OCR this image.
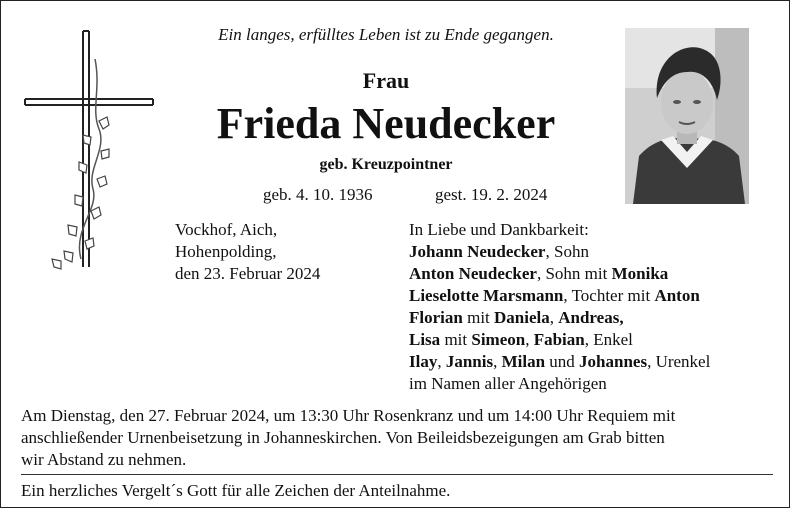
Ein langes, erfülltes Leben ist zu Ende gegangen.
Frau
Frieda Neudecker
geb. Kreuzpointner
geb. 4. 10. 1936	gest. 19. 2. 2024
Vockhof, Aich,
Hohenpolding,
den 23. Februar 2024
In Liebe und Dankbarkeit:
Johann Neudecker, Sohn
Anton Neudecker, Sohn mit Monika
Lieselotte Marsmann, Tochter mit Anton
Florian mit Daniela, Andreas,
Lisa mit Simeon, Fabian, Enkel
Ilay, Jannis, Milan und Johannes, Urenkel
im Namen aller Angehörigen
Am Dienstag, den 27. Februar 2024, um 13:30 Uhr Rosenkranz und um 14:00 Uhr Requiem mit
anschließender Urnenbeisetzung in Johanneskirchen. Von Beileidsbezeigungen am Grab bitten
wir Abstand zu nehmen.
Ein herzliches Vergelt´s Gott für alle Zeichen der Anteilnahme.
